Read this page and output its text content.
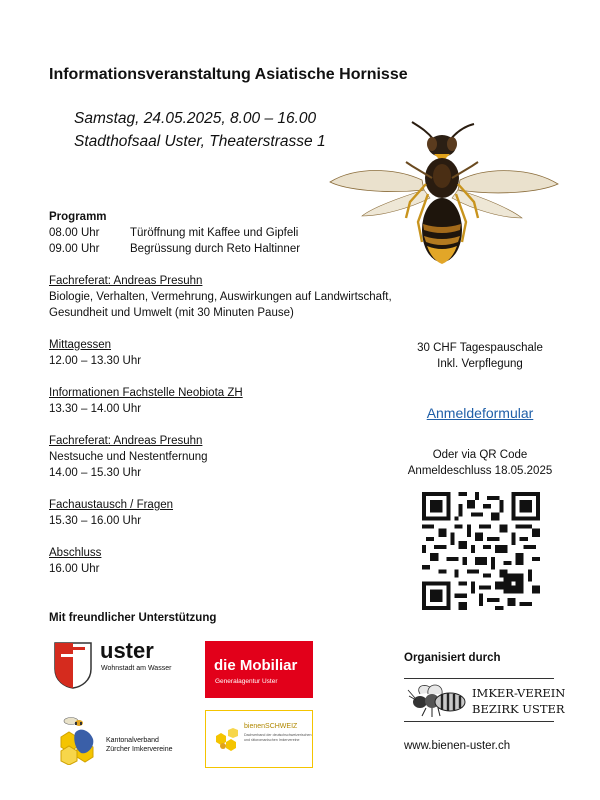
Informationsveranstaltung Asiatische Hornisse
Samstag, 24.05.2025, 8.00 – 16.00
Stadthofsaal Uster, Theaterstrasse 1
Programm
08.00 Uhr	Türöffnung mit Kaffee und Gipfeli
09.00 Uhr	Begrüssung durch Reto Haltinner
Fachreferat: Andreas Presuhn
Biologie, Verhalten, Vermehrung, Auswirkungen auf Landwirtschaft,
Gesundheit und Umwelt (mit 30 Minuten Pause)
Mittagessen
12.00 – 13.30 Uhr
Informationen Fachstelle Neobiota ZH
13.30 – 14.00 Uhr
Fachreferat: Andreas Presuhn
Nestsuche und Nestentfernung
14.00 – 15.30 Uhr
Fachaustausch / Fragen
15.30 – 16.00 Uhr
Abschluss
16.00 Uhr
30 CHF Tagespauschale
Inkl. Verpflegung
Anmeldeformular
Oder via QR Code
Anmeldeschluss 18.05.2025
Mit freundlicher Unterstützung
uster
Wohnstadt am Wasser	die Mobiliar
Generalagentur Uster
Kantonalverband
Zürcher Imkervereine
bienenSCHWEIZ
Dachverband der deutschschweizerischen
und rätoromanischen Imkervereine
Organisiert durch
IMKER-VEREIN
BEZIRK USTER
www.bienen-uster.ch
